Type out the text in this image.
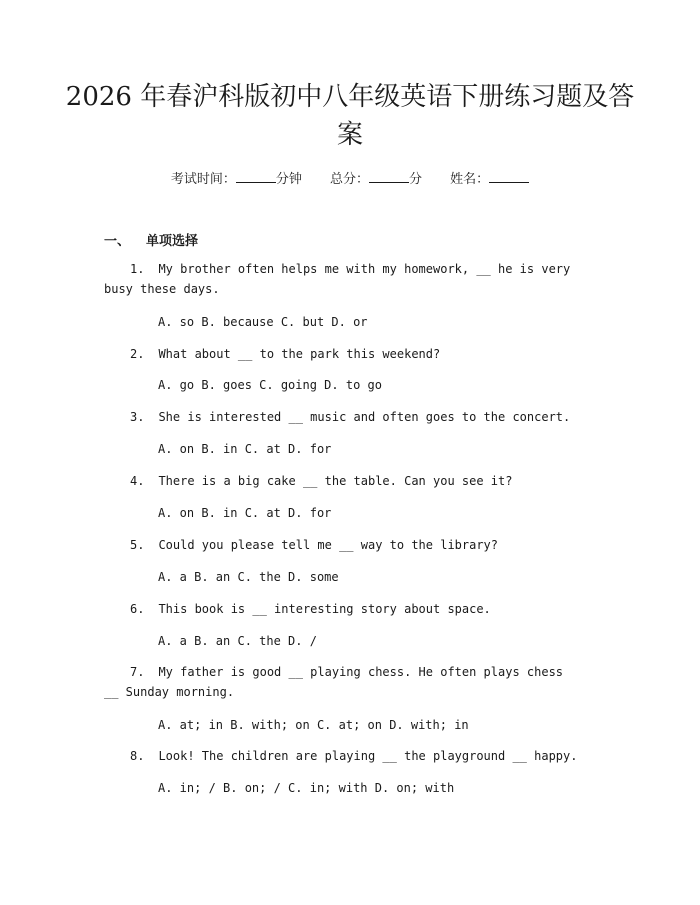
2026 年春沪科版初中八年级英语下册练习题及答案
考试时间：	分钟 总分：	分 姓名：
一、 单项选择
1. My brother often helps me with my homework, __ he is very busy these days.
A. so B. because C. but D. or
2. What about __ to the park this weekend?
A. go B. goes C. going D. to go
3. She is interested __ music and often goes to the concert.
A. on B. in C. at D. for
4. There is a big cake __ the table. Can you see it?
A. on B. in C. at D. for
5. Could you please tell me __ way to the library?
A. a B. an C. the D. some
6. This book is __ interesting story about space.
A. a B. an C. the D. /
7. My father is good __ playing chess. He often plays chess __ Sunday morning.
A. at; in B. with; on C. at; on D. with; in
8. Look! The children are playing __ the playground __ happy.
A. in; / B. on; / C. in; with D. on; with
